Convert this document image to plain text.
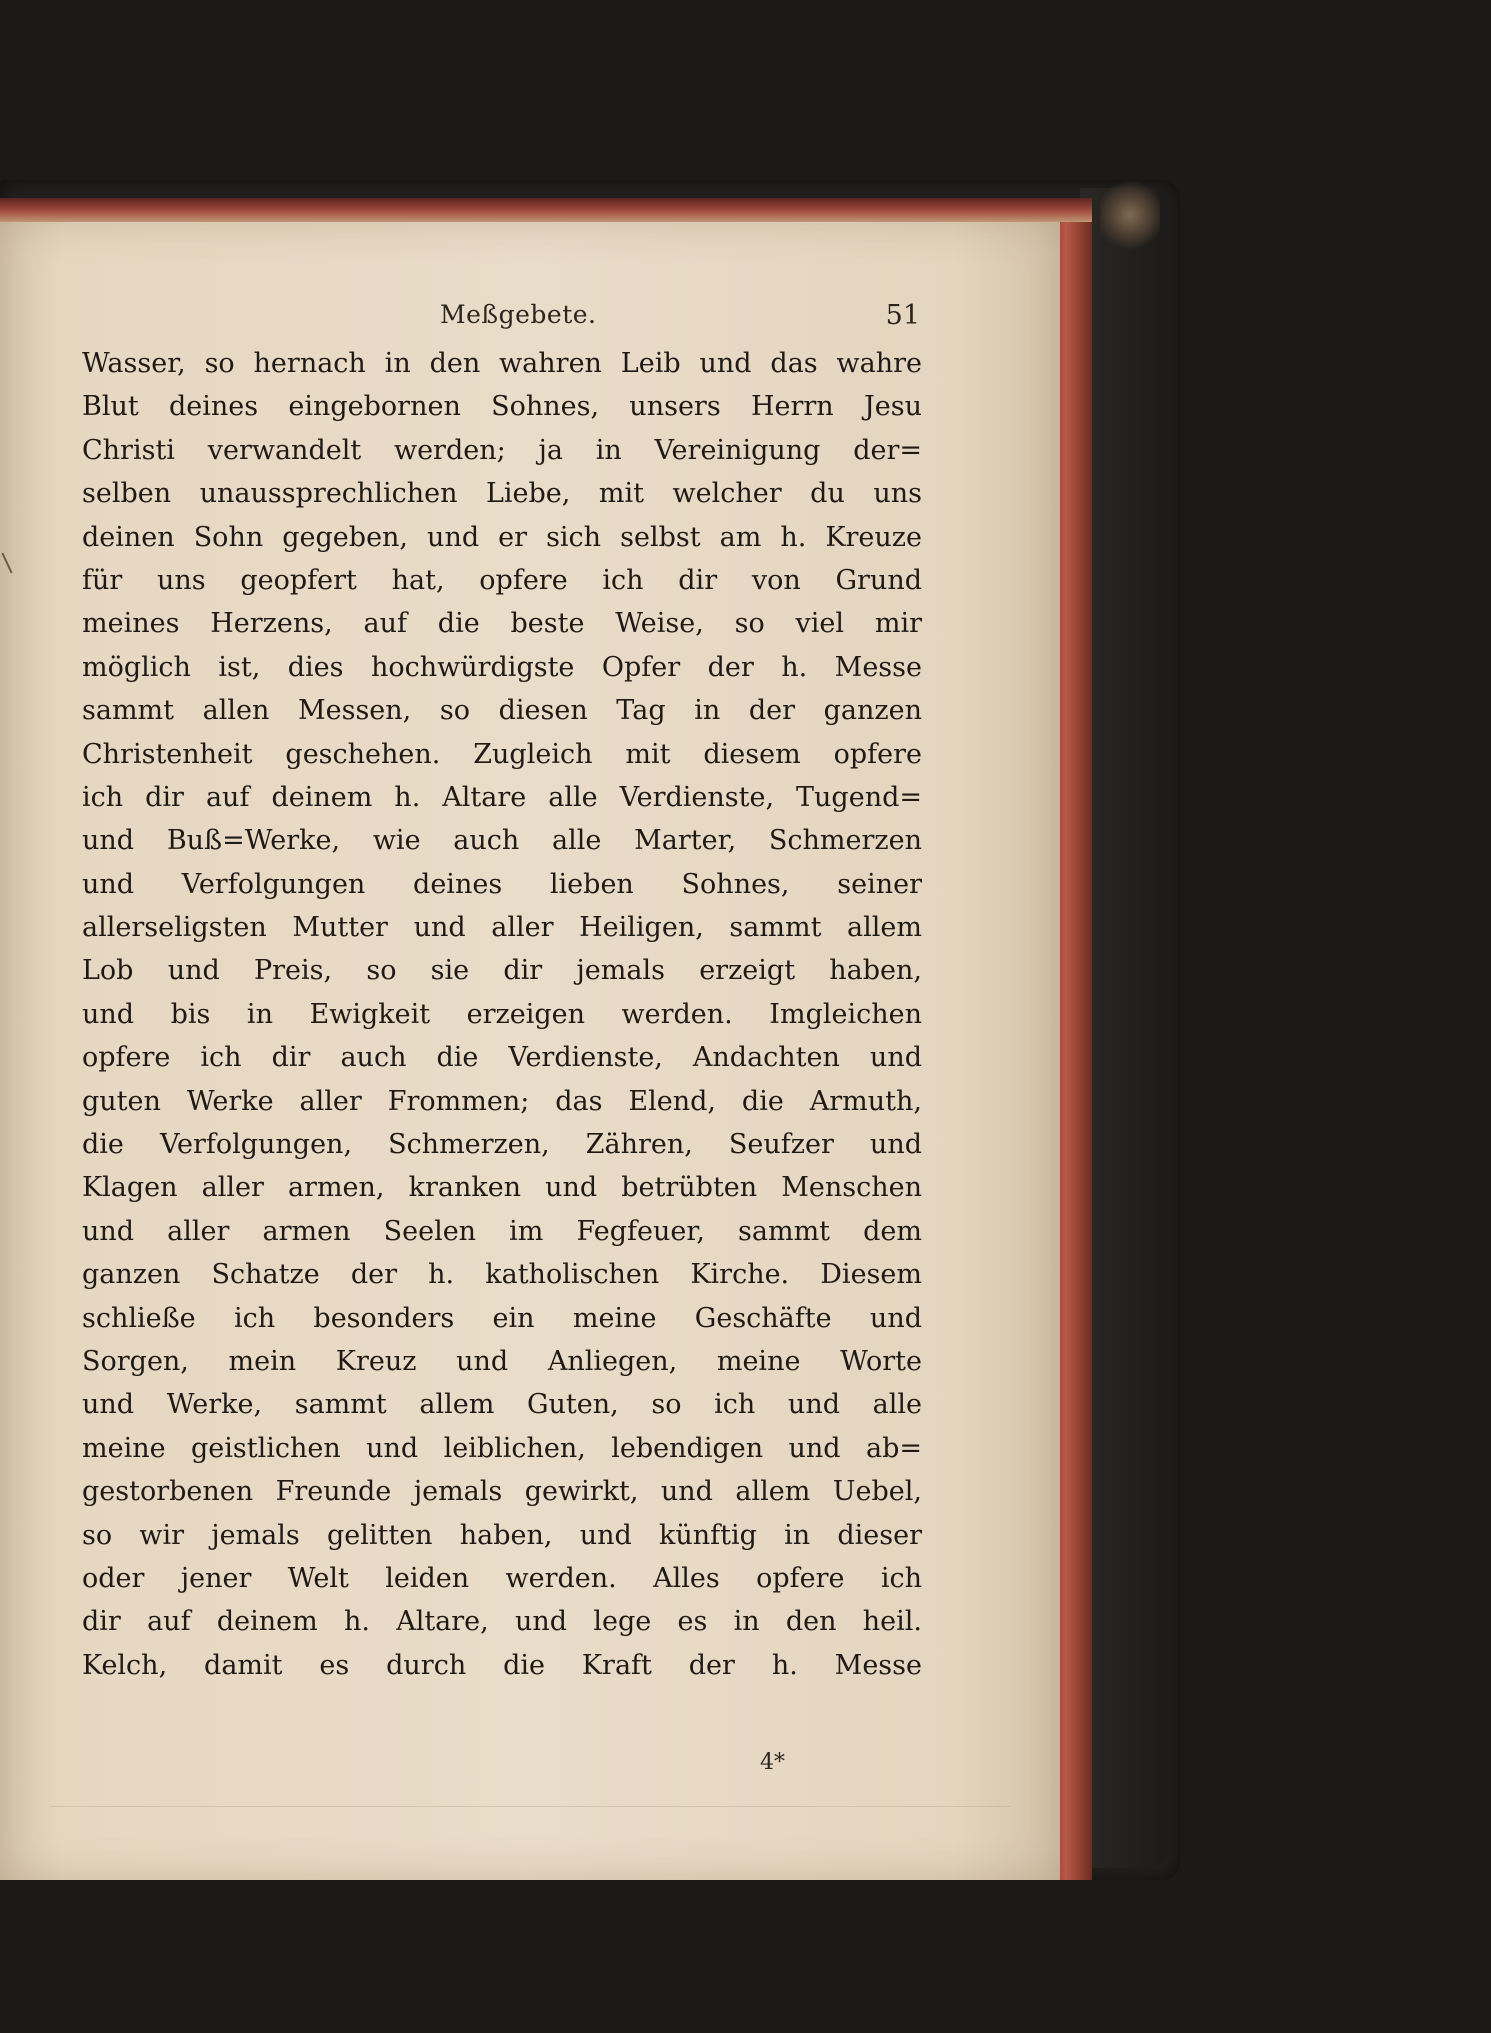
Meßgebete.	51
Wasser, so hernach in den wahren Leib und das wahre
Blut deines eingebornen Sohnes, unsers Herrn Jesu
Christi verwandelt werden; ja in Vereinigung der=
selben unaussprechlichen Liebe, mit welcher du uns
deinen Sohn gegeben, und er sich selbst am h. Kreuze
für uns geopfert hat, opfere ich dir von Grund
meines Herzens, auf die beste Weise, so viel mir
möglich ist, dies hochwürdigste Opfer der h. Messe
sammt allen Messen, so diesen Tag in der ganzen
Christenheit geschehen. Zugleich mit diesem opfere
ich dir auf deinem h. Altare alle Verdienste, Tugend=
und Buß=Werke, wie auch alle Marter, Schmerzen
und Verfolgungen deines lieben Sohnes, seiner
allerseligsten Mutter und aller Heiligen, sammt allem
Lob und Preis, so sie dir jemals erzeigt haben,
und bis in Ewigkeit erzeigen werden. Imgleichen
opfere ich dir auch die Verdienste, Andachten und
guten Werke aller Frommen; das Elend, die Armuth,
die Verfolgungen, Schmerzen, Zähren, Seufzer und
Klagen aller armen, kranken und betrübten Menschen
und aller armen Seelen im Fegfeuer, sammt dem
ganzen Schatze der h. katholischen Kirche. Diesem
schließe ich besonders ein meine Geschäfte und
Sorgen, mein Kreuz und Anliegen, meine Worte
und Werke, sammt allem Guten, so ich und alle
meine geistlichen und leiblichen, lebendigen und ab=
gestorbenen Freunde jemals gewirkt, und allem Uebel,
so wir jemals gelitten haben, und künftig in dieser
oder jener Welt leiden werden. Alles opfere ich
dir auf deinem h. Altare, und lege es in den heil.
Kelch, damit es durch die Kraft der h. Messe
4*
